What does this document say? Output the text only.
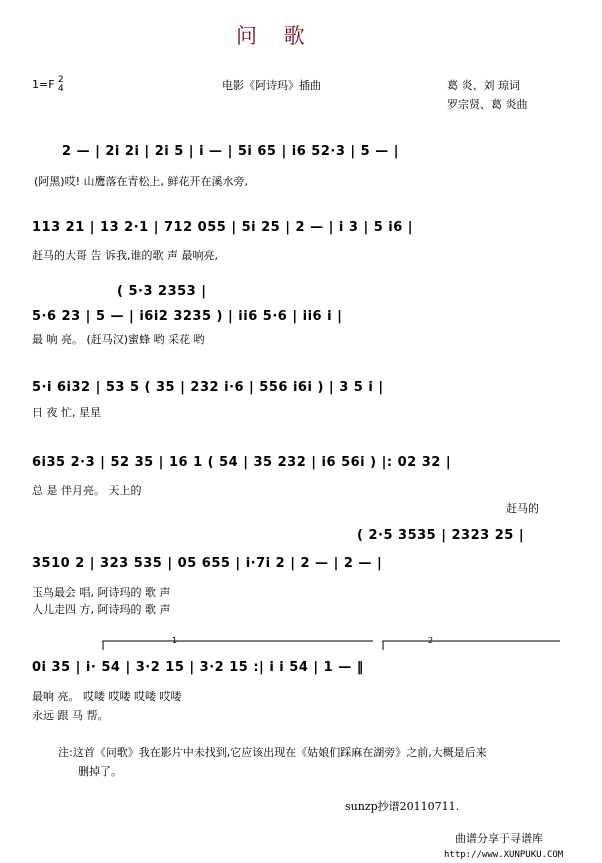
问 歌
1=F 2
4	电影《阿诗玛》插曲	葛 炎、刘 琼词
罗宗贤、葛 炎曲
2 — | 2i 2i | 2i 5 | i — | 5i 65 | i6 52·3 | 5 — |
(阿黑)哎! 山鹰落在青松上, 鲜花开在溪水旁,
113 21 | 13 2·1 | 712 055 | 5i 25 | 2 — | i 3 | 5 i6 |
赶马的大哥 告 诉我,谁的歌 声 最响亮,
( 5·3 2353 |
5·6 23 | 5 — | i6i2 3235 ) | ii6 5·6 | ii6 i |
最 响 亮。 (赶马汉)蜜蜂 哟 采花 哟
5·i 6i32 | 53 5 ( 35 | 232 i·6 | 556 i6i ) | 3 5 i |
日 夜 忙, 星星
6i35 2·3 | 52 35 | 16 1 ( 54 | 35 232 | i6 56i ) |: 02 32 |
总 是 伴月亮。 天上的
赶马的
( 2·5 3535 | 2323 25 |
3510 2 | 323 535 | 05 655 | i·7i 2 | 2 — | 2 — |
玉鸟最会 唱, 阿诗玛的 歌 声
人儿走四 方, 阿诗玛的 歌 声
1	2
0i 35 | i· 54 | 3·2 15 | 3·2 15 :| i i 54 | 1 — ‖
最响 亮。 哎喽 哎喽 哎喽 哎喽
永远 跟 马 帮。
注:这首《问歌》我在影片中未找到,它应该出现在《姑娘们踩麻在湖旁》之前,大概是后来
删掉了。
sunzp抄谱20110711.
曲谱分享于寻谱库
http://www.XUNPUKU.COM
